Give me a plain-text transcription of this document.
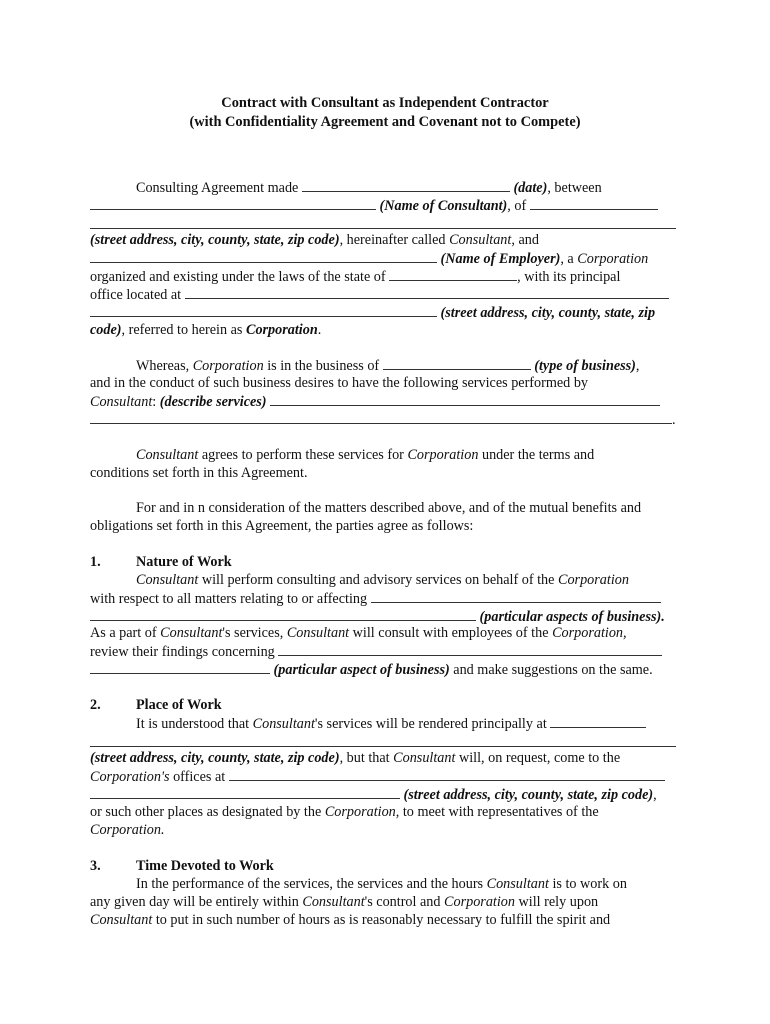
Contract with Consultant as Independent Contractor
(with Confidentiality Agreement and Covenant not to Compete)
Consulting Agreement made	(date), between
(Name of Consultant), of
(street address, city, county, state, zip code), hereinafter called Consultant, and
(Name of Employer), a Corporation
organized and existing under the laws of the state of	, with its principal
office located at
(street address, city, county, state, zip
code), referred to herein as Corporation.
Whereas, Corporation is in the business of	(type of business),
and in the conduct of such business desires to have the following services performed by
Consultant: (describe services)
.
Consultant agrees to perform these services for Corporation under the terms and
conditions set forth in this Agreement.
For and in n consideration of the matters described above, and of the mutual benefits and
obligations set forth in this Agreement, the parties agree as follows:
1. Nature of Work
Consultant will perform consulting and advisory services on behalf of the Corporation
with respect to all matters relating to or affecting
(particular aspects of business).
As a part of Consultant's services, Consultant will consult with employees of the Corporation,
review their findings concerning
(particular aspect of business) and make suggestions on the same.
2. Place of Work
It is understood that Consultant's services will be rendered principally at
(street address, city, county, state, zip code), but that Consultant will, on request, come to the
Corporation's offices at
(street address, city, county, state, zip code),
or such other places as designated by the Corporation, to meet with representatives of the
Corporation.
3. Time Devoted to Work
In the performance of the services, the services and the hours Consultant is to work on
any given day will be entirely within Consultant's control and Corporation will rely upon
Consultant to put in such number of hours as is reasonably necessary to fulfill the spirit and
